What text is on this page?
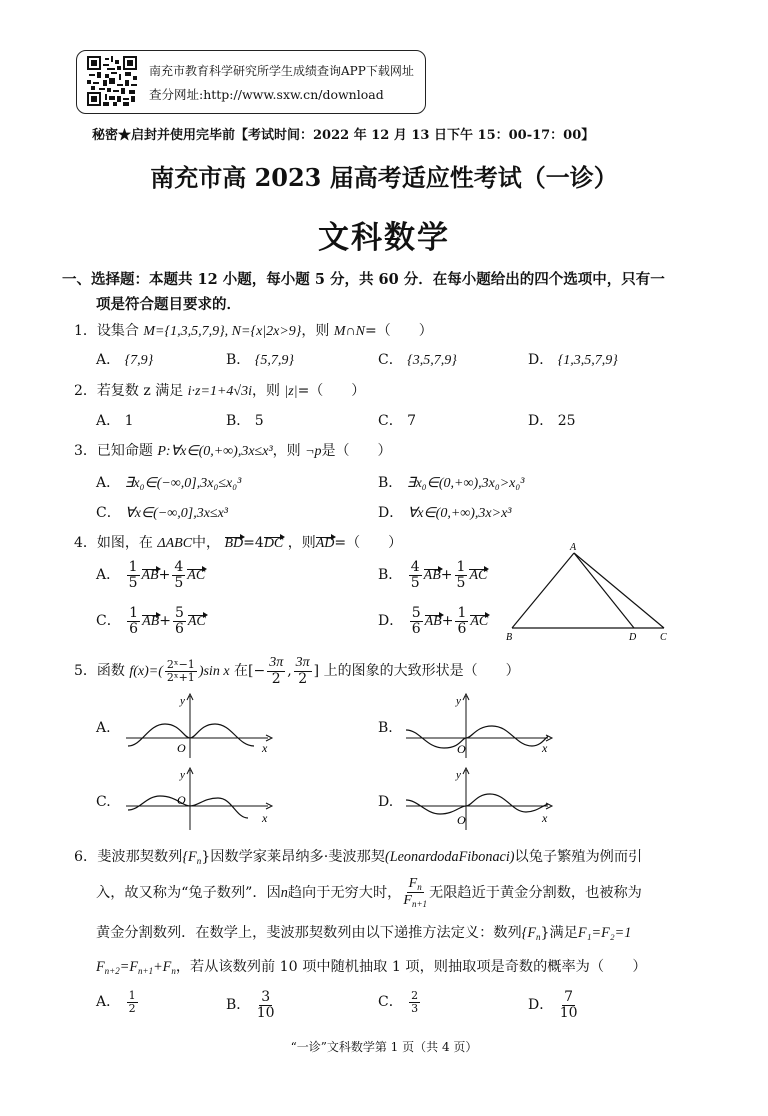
南充市教育科学研究所学生成绩查询APP下载网址
查分网址:http://www.sxw.cn/download
秘密★启封并使用完毕前【考试时间：2022 年 12 月 13 日下午 15：00-17：00】
南充市高 2023 届高考适应性考试（一诊）
文科数学
一、选择题：本题共 12 小题，每小题 5 分，共 60 分．在每小题给出的四个选项中，只有一
项是符合题目要求的．
1．设集合 M={1,3,5,7,9}, N={x|2x>9}，则 M∩N=（　　）
A． {7,9}	B． {5,7,9}	C． {3,5,7,9}	D． {1,3,5,7,9}
2．若复数 z 满足 i·z=1+4√3i，则 |z|=（　　）
A． 1	B． 5	C． 7	D． 25
3．已知命题 P:∀x∈(0,+∞),3x≤x³，则 ¬p是（　　）
A． ∃x₀∈(−∞,0],3x₀≤x₀³	B． ∃x₀∈(0,+∞),3x₀>x₀³
C． ∀x∈(−∞,0],3x≤x³	D． ∀x∈(0,+∞),3x>x³
4．如图，在 ΔABC中， BD=4DC ，则AD=（　　）
A． $\frac{1}{5} AB+ \frac{4}{5}$ AC	B． $\frac{4}{5} AB+ \frac{1}{5}$ AC
C． $\frac{1}{6} AB+ \frac{5}{6}$ AC	D． $\frac{5}{6} AB+ \frac{1}{6}$ AC
A
B	D C
5．函数 $f(x)=( \frac{\text{2ˣ−1}}{\text{2ˣ+1}} )\sin$ x 在[− $\frac{3\pi}{2}$ , $\frac{3\pi}{2}$ ] 上的图象的大致形状是（　　）
A.
y
O	x
B.
y
O	x
C.
y
O
x
D.
y
O	x
6．斐波那契数列$\{F_n\}$因数学家莱昂纳多·斐波那契(LeonardodaFibonaci)以兔子繁殖为例而引
入，故又称为“兔子数列”．因n趋向于无穷大时， $\frac{F_n}{F_{n+1}}$ 无限趋近于黄金分割数，也被称为
黄金分割数列．在数学上，斐波那契数列由以下递推方法定义：数列$\{F_n\}$满足F₁=F₂=1
$F_{n+2}=F_{n+1}+F_n$，若从该数列前 10 项中随机抽取 1 项，则抽取项是奇数的概率为（　　）
A． $\frac{1}{2}$	B． $\frac{3}{10}$	C． $\frac{2}{3}$	D． $\frac{7}{10}$
“一诊”文科数学第 1 页（共 4 页）
